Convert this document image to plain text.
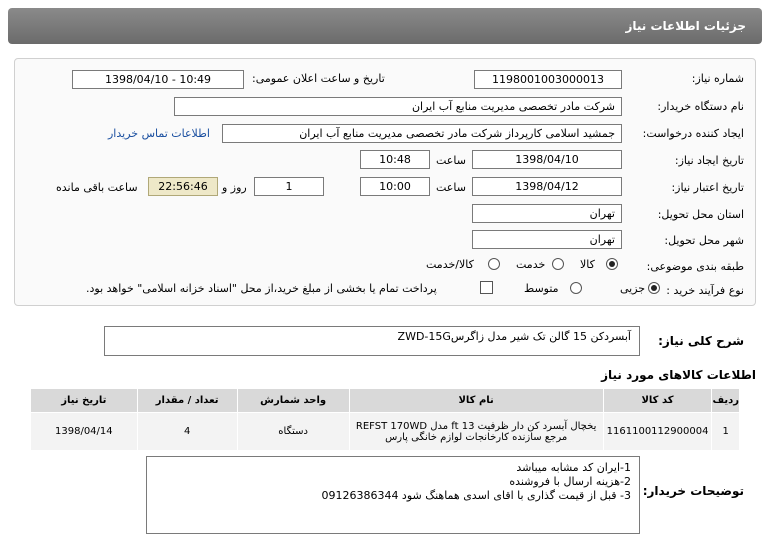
جزئیات اطلاعات نیاز
شماره نیاز:
1198001003000013
تاریخ و ساعت اعلان عمومی:
1398/04/10 - 10:49
نام دستگاه خریدار:
شرکت مادر تخصصی مدیریت منابع آب ایران
ایجاد کننده درخواست:
جمشید اسلامی کارپرداز شرکت مادر تخصصی مدیریت منابع آب ایران
اطلاعات تماس خریدار
تاریخ ایجاد نیاز:
1398/04/10
ساعت
10:48
تاریخ اعتبار نیاز:
1398/04/12
ساعت
10:00
1
روز و
22:56:46
ساعت باقی مانده
استان محل تحویل:
تهران
شهر محل تحویل:
تهران
طبقه بندی موضوعی:
کالا
خدمت
کالا/خدمت
نوع فرآیند خرید :
جزیی
متوسط
پرداخت تمام یا بخشی از مبلغ خرید،از محل "اسناد خزانه اسلامی" خواهد بود.
شرح کلی نیاز:
آبسردکن 15 گالن تک شیر مدل زاگرسZWD-15G
اطلاعات کالاهای مورد نیاز
ردیف	کد کالا	نام کالا	واحد شمارش	تعداد / مقدار	تاریخ نیاز
1	1161100112900004	یخچال آبسرد کن دار ظرفیت 13 ft مدل REFST 170WD مرجع سازنده کارخانجات لوازم خانگی پارس	دستگاه	4	1398/04/14
توضیحات خریدار:
1-ایران کد مشابه میباشد
2-هزینه ارسال با فروشنده
3- قبل از قیمت گذاری با اقای اسدی هماهنگ شود 09126386344
